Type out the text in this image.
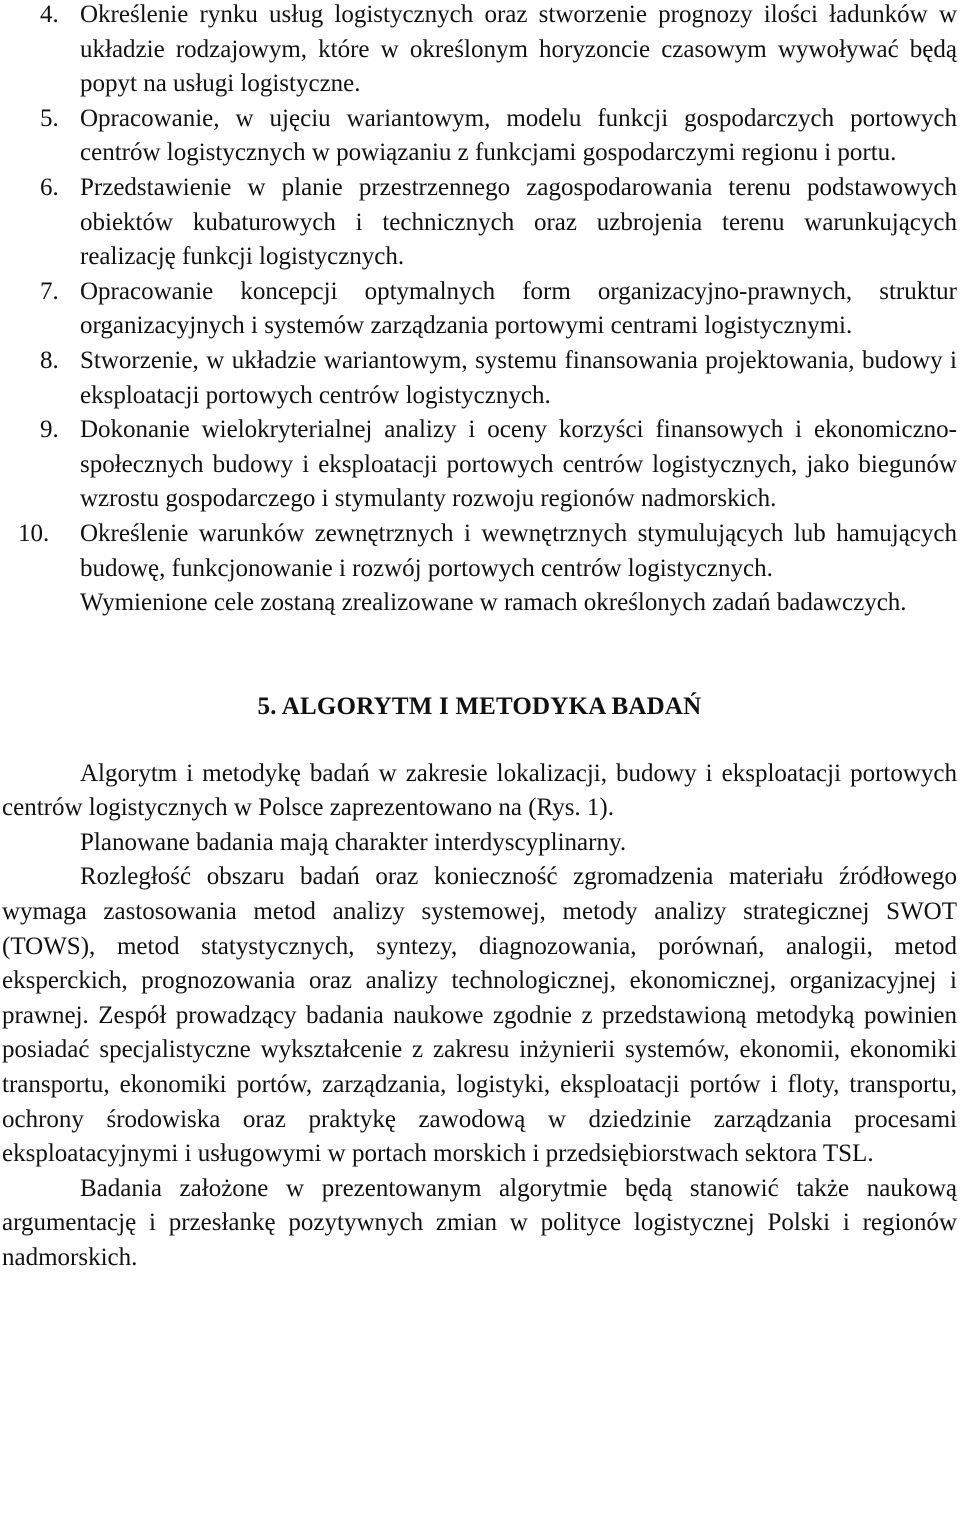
4. Określenie rynku usług logistycznych oraz stworzenie prognozy ilości ładunków w układzie rodzajowym, które w określonym horyzoncie czasowym wywoływać będą popyt na usługi logistyczne.
5. Opracowanie, w ujęciu wariantowym, modelu funkcji gospodarczych portowych centrów logistycznych w powiązaniu z funkcjami gospodarczymi regionu i portu.
6. Przedstawienie w planie przestrzennego zagospodarowania terenu podstawowych obiektów kubaturowych i technicznych oraz uzbrojenia terenu warunkujących realizację funkcji logistycznych.
7. Opracowanie koncepcji optymalnych form organizacyjno-prawnych, struktur organizacyjnych i systemów zarządzania portowymi centrami logistycznymi.
8. Stworzenie, w układzie wariantowym, systemu finansowania projektowania, budowy i eksploatacji portowych centrów logistycznych.
9. Dokonanie wielokryterialnej analizy i oceny korzyści finansowych i ekonomiczno-społecznych budowy i eksploatacji portowych centrów logistycznych, jako biegunów wzrostu gospodarczego i stymulanty rozwoju regionów nadmorskich.
10. Określenie warunków zewnętrznych i wewnętrznych stymulujących lub hamujących budowę, funkcjonowanie i rozwój portowych centrów logistycznych.

Wymienione cele zostaną zrealizowane w ramach określonych zadań badawczych.

5. ALGORYTM I METODYKA BADAŃ

Algorytm i metodykę badań w zakresie lokalizacji, budowy i eksploatacji portowych centrów logistycznych w Polsce zaprezentowano na (Rys. 1).

Planowane badania mają charakter interdyscyplinarny.

Rozległość obszaru badań oraz konieczność zgromadzenia materiału źródłowego wymaga zastosowania metod analizy systemowej, metody analizy strategicznej SWOT (TOWS), metod statystycznych, syntezy, diagnozowania, porównań, analogii, metod eksperckich, prognozowania oraz analizy technologicznej, ekonomicznej, organizacyjnej i prawnej. Zespół prowadzący badania naukowe zgodnie z przedstawioną metodyką powinien posiadać specjalistyczne wykształcenie z zakresu inżynierii systemów, ekonomii, ekonomiki transportu, ekonomiki portów, zarządzania, logistyki, eksploatacji portów i floty, transportu, ochrony środowiska oraz praktykę zawodową w dziedzinie zarządzania procesami eksploatacyjnymi i usługowymi w portach morskich i przedsiębiorstwach sektora TSL.

Badania założone w prezentowanym algorytmie będą stanowić także naukową argumentację i przesłankę pozytywnych zmian w polityce logistycznej Polski i regionów nadmorskich.
